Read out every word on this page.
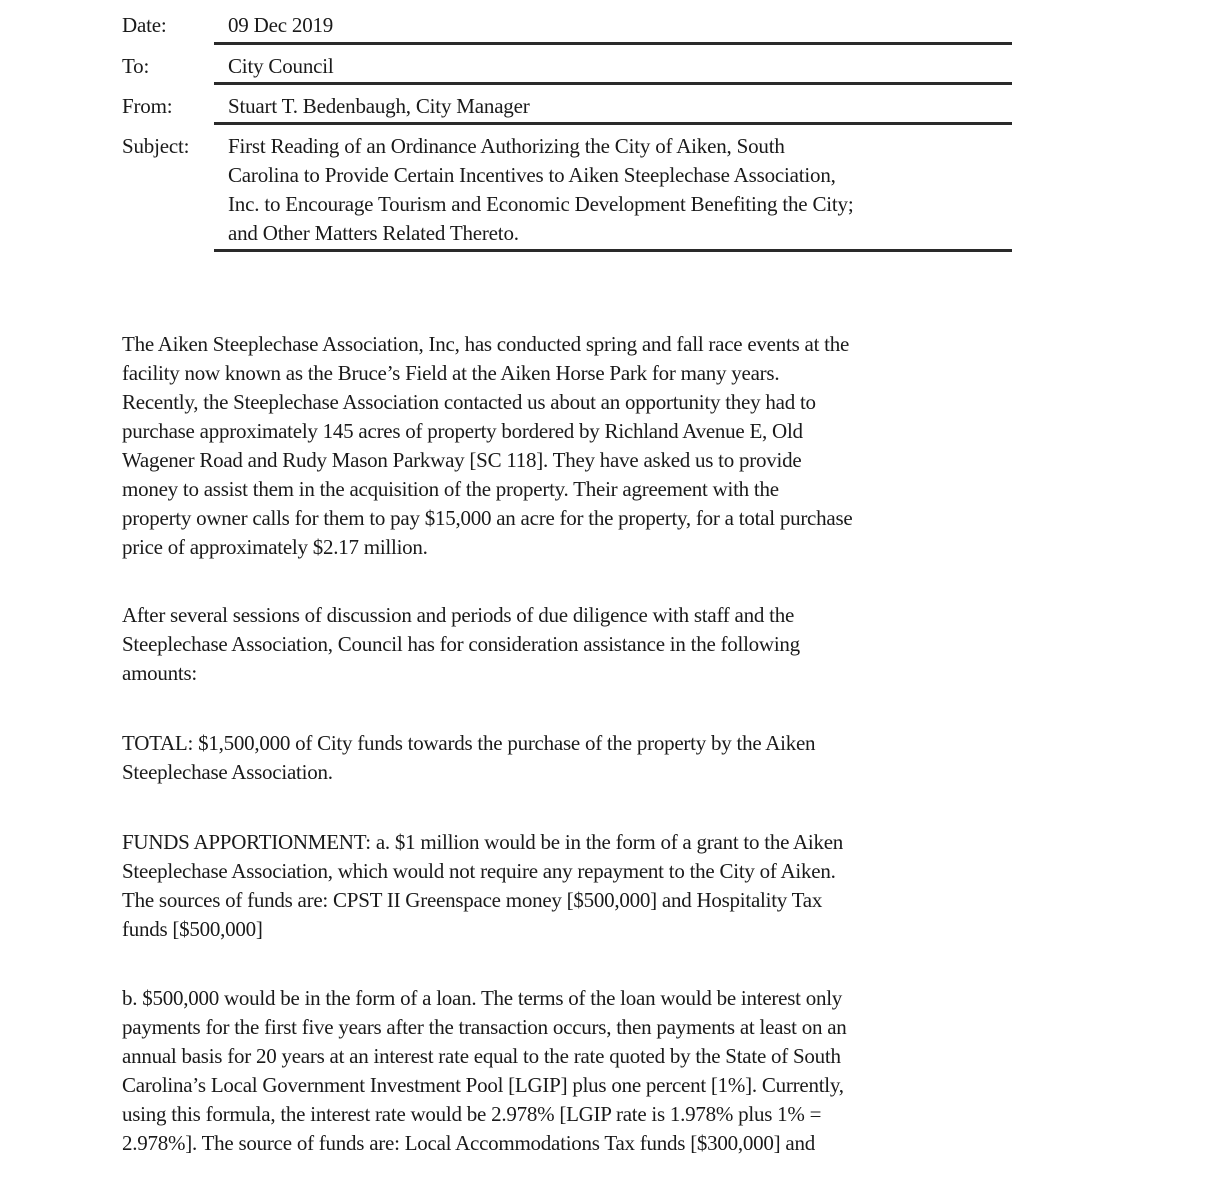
Date:	09 Dec 2019
To:	City Council
From:	Stuart T. Bedenbaugh, City Manager
Subject: First Reading of an Ordinance Authorizing the City of Aiken, South
Carolina to Provide Certain Incentives to Aiken Steeplechase Association,
Inc. to Encourage Tourism and Economic Development Benefiting the City;
and Other Matters Related Thereto.
The Aiken Steeplechase Association, Inc, has conducted spring and fall race events at the
facility now known as the Bruce’s Field at the Aiken Horse Park for many years.
Recently, the Steeplechase Association contacted us about an opportunity they had to
purchase approximately 145 acres of property bordered by Richland Avenue E, Old
Wagener Road and Rudy Mason Parkway [SC 118]. They have asked us to provide
money to assist them in the acquisition of the property. Their agreement with the
property owner calls for them to pay $15,000 an acre for the property, for a total purchase
price of approximately $2.17 million.
After several sessions of discussion and periods of due diligence with staff and the
Steeplechase Association, Council has for consideration assistance in the following
amounts:
TOTAL: $1,500,000 of City funds towards the purchase of the property by the Aiken
Steeplechase Association.
FUNDS APPORTIONMENT: a. $1 million would be in the form of a grant to the Aiken
Steeplechase Association, which would not require any repayment to the City of Aiken.
The sources of funds are: CPST II Greenspace money [$500,000] and Hospitality Tax
funds [$500,000]
b. $500,000 would be in the form of a loan. The terms of the loan would be interest only
payments for the first five years after the transaction occurs, then payments at least on an
annual basis for 20 years at an interest rate equal to the rate quoted by the State of South
Carolina’s Local Government Investment Pool [LGIP] plus one percent [1%]. Currently,
using this formula, the interest rate would be 2.978% [LGIP rate is 1.978% plus 1% =
2.978%]. The source of funds are: Local Accommodations Tax funds [$300,000] and
